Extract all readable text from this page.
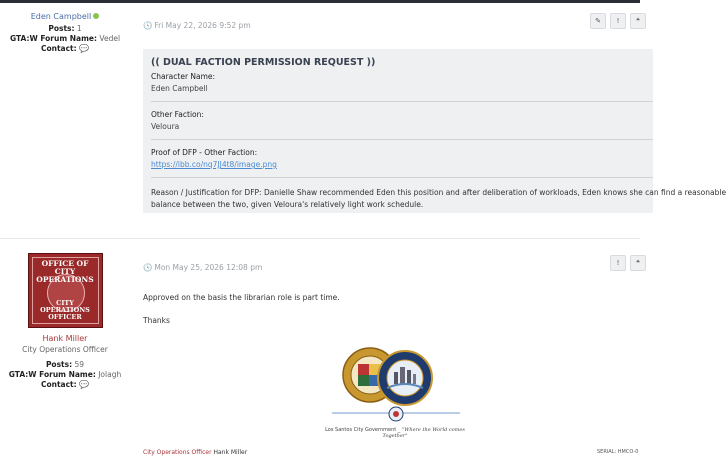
Eden Campbell
Posts: 1
GTA:W Forum Name: Vedel
Contact: 💬
🕓 Fri May 22, 2026 9:52 pm	✎ ! ❝
(( DUAL FACTION PERMISSION REQUEST ))
Character Name:
Eden Campbell
Other Faction:
Veloura
Proof of DFP - Other Faction:
https://ibb.co/nq7JJ4t8/image.png
Reason / Justification for DFP: Danielle Shaw recommended Eden this position and after deliberation of workloads, Eden knows she can find a reasonable
balance between the two, given Veloura's relatively light work schedule.
OFFICE OF
CITY OPERATIONS
CITY
OPERATIONS OFFICER
Hank Miller
City Operations Officer
Posts: 59
GTA:W Forum Name: Jolagh
Contact: 💬
🕓 Mon May 25, 2026 12:08 pm	! ❝
Approved on the basis the librarian role is part time.
Thanks
Los Santos City Government _ "Where the World comes Together"
City Operations Officer Hank Miller	SERIAL: HMCO-0
